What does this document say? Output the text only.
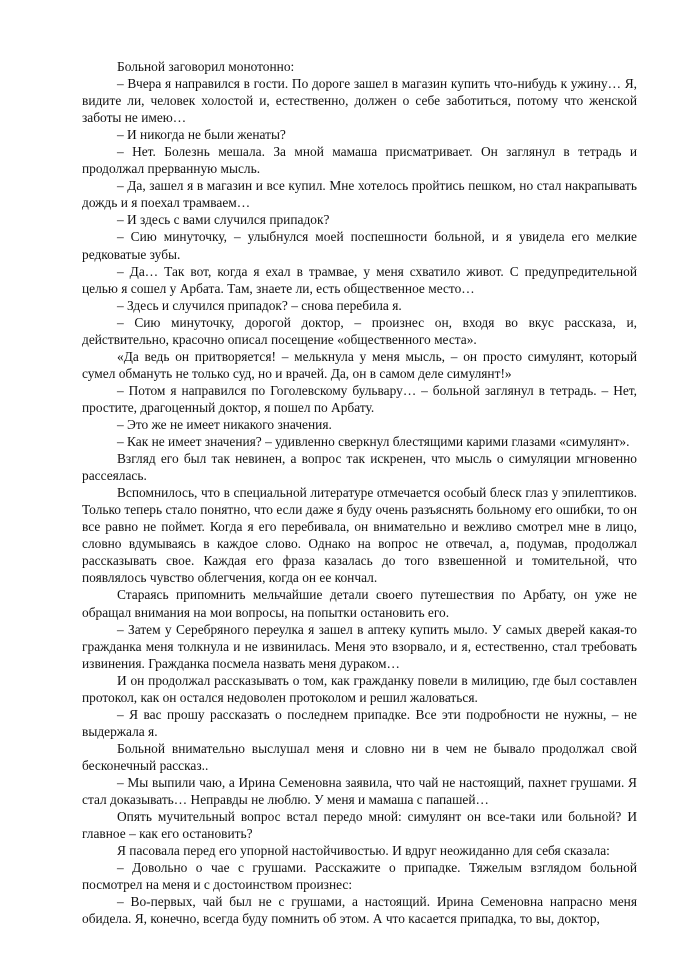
Больной заговорил монотонно:

– Вчера я направился в гости. По дороге зашел в магазин купить что-нибудь к ужину… Я, видите ли, человек холостой и, естественно, должен о себе заботиться, потому что женской заботы не имею…

– И никогда не были женаты?

– Нет. Болезнь мешала. За мной мамаша присматривает. Он заглянул в тетрадь и продолжал прерванную мысль.

– Да, зашел я в магазин и все купил. Мне хотелось пройтись пешком, но стал накрапывать дождь и я поехал трамваем…

– И здесь с вами случился припадок?

– Сию минуточку, – улыбнулся моей поспешности больной, и я увидела его мелкие редковатые зубы.

– Да… Так вот, когда я ехал в трамвае, у меня схватило живот. С предупредительной целью я сошел у Арбата. Там, знаете ли, есть общественное место…

– Здесь и случился припадок? – снова перебила я.

– Сию минуточку, дорогой доктор, – произнес он, входя во вкус рассказа, и, действительно, красочно описал посещение «общественного места».

«Да ведь он притворяется! – мелькнула у меня мысль, – он просто симулянт, который сумел обмануть не только суд, но и врачей. Да, он в самом деле симулянт!»

– Потом я направился по Гоголевскому бульвару… – больной заглянул в тетрадь. – Нет, простите, драгоценный доктор, я пошел по Арбату.

– Это же не имеет никакого значения.

– Как не имеет значения? – удивленно сверкнул блестящими карими глазами «симулянт».

Взгляд его был так невинен, а вопрос так искренен, что мысль о симуляции мгновенно рассеялась.

Вспомнилось, что в специальной литературе отмечается особый блеск глаз у эпилептиков. Только теперь стало понятно, что если даже я буду очень разъяснять больному его ошибки, то он все равно не поймет. Когда я его перебивала, он внимательно и вежливо смотрел мне в лицо, словно вдумываясь в каждое слово. Однако на вопрос не отвечал, а, подумав, продолжал рассказывать свое. Каждая его фраза казалась до того взвешенной и томительной, что появлялось чувство облегчения, когда он ее кончал.

Стараясь припомнить мельчайшие детали своего путешествия по Арбату, он уже не обращал внимания на мои вопросы, на попытки остановить его.

– Затем у Серебряного переулка я зашел в аптеку купить мыло. У самых дверей какая-то гражданка меня толкнула и не извинилась. Меня это взорвало, и я, естественно, стал требовать извинения. Гражданка посмела назвать меня дураком…

И он продолжал рассказывать о том, как гражданку повели в милицию, где был составлен протокол, как он остался недоволен протоколом и решил жаловаться.

– Я вас прошу рассказать о последнем припадке. Все эти подробности не нужны, – не выдержала я.

Больной внимательно выслушал меня и словно ни в чем не бывало продолжал свой бесконечный рассказ..

– Мы выпили чаю, а Ирина Семеновна заявила, что чай не настоящий, пахнет грушами. Я стал доказывать… Неправды не люблю. У меня и мамаша с папашей…

Опять мучительный вопрос встал передо мной: симулянт он все-таки или больной? И главное – как его остановить?

Я пасовала перед его упорной настойчивостью. И вдруг неожиданно для себя сказала:

– Довольно о чае с грушами. Расскажите о припадке. Тяжелым взглядом больной посмотрел на меня и с достоинством произнес:

– Во-первых, чай был не с грушами, а настоящий. Ирина Семеновна напрасно меня обидела. Я, конечно, всегда буду помнить об этом. А что касается припадка, то вы, доктор,
